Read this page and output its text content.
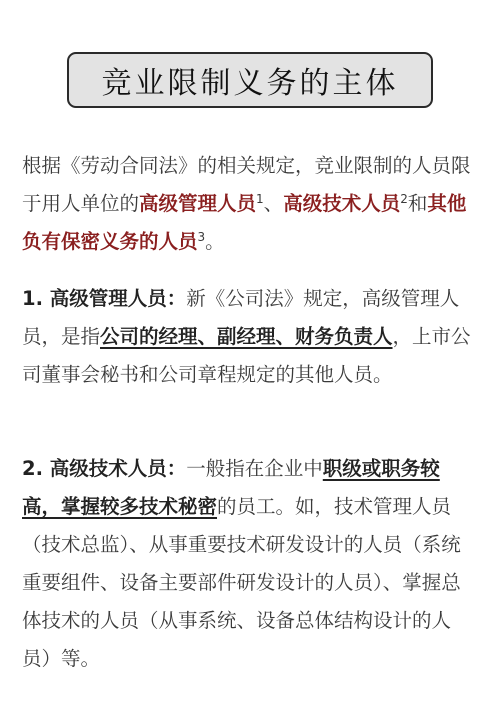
竞业限制义务的主体
根据《劳动合同法》的相关规定，竞业限制的人员限于用人单位的高级管理人员$^1$、高级技术人员$^2$和其他负有保密义务的人员$^3$。
1. 高级管理人员：新《公司法》规定，高级管理人员，是指公司的经理、副经理、财务负责人，上市公司董事会秘书和公司章程规定的其他人员。
2. 高级技术人员：一般指在企业中职级或职务较高，掌握较多技术秘密的员工。如，技术管理人员（技术总监）、从事重要技术研发设计的人员（系统重要组件、设备主要部件研发设计的人员）、掌握总体技术的人员（从事系统、设备总体结构设计的人员）等。
